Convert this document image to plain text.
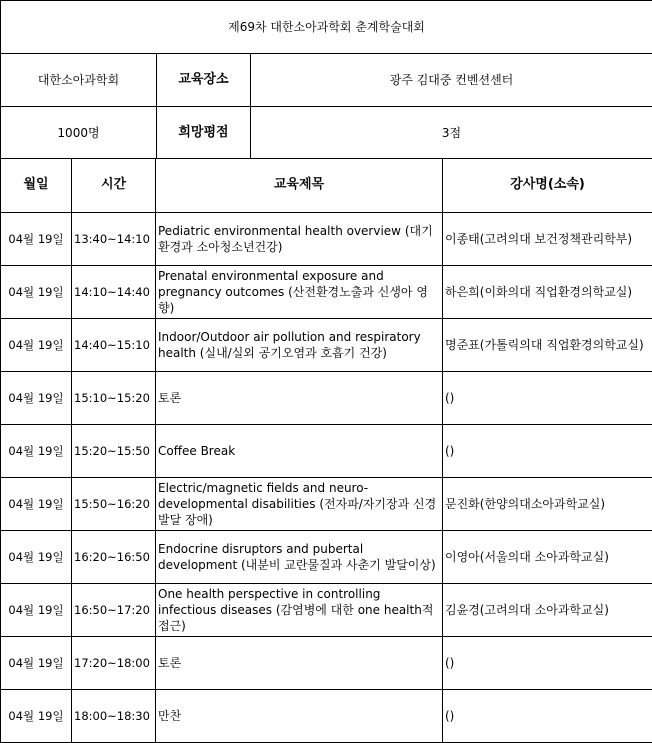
제69차 대한소아과학회 춘계학술대회		
대한소아과학회	교육장소	광주 김대중 컨벤션센터
1000명	희망평점	3점
월일	시간	교육제목	강사명(소속)
04월 19일	13:40~14:10	Pediatric environmental health overview (대기환경과 소아청소년건강)	이종태(고려의대 보건정책관리학부)
04월 19일	14:10~14:40	Prenatal environmental exposure and pregnancy outcomes (산전환경노출과 신생아 영향)	하은희(이화의대 직업환경의학교실)
04월 19일	14:40~15:10	Indoor/Outdoor air pollution and respiratory health (실내/실외 공기오염과 호흡기 건강)	명준표(가톨릭의대 직업환경의학교실)
04월 19일	15:10~15:20	토론	()
04월 19일	15:20~15:50	Coffee Break	()
04월 19일	15:50~16:20	Electric/magnetic fields and neuro-developmental disabilities (전자파/자기장과 신경발달 장애)	문진화(한양의대소아과학교실)
04월 19일	16:20~16:50	Endocrine disruptors and pubertal development (내분비 교란물질과 사춘기 발달이상)	이영아(서울의대 소아과학교실)
04월 19일	16:50~17:20	One health perspective in controlling infectious diseases (감염병에 대한 one health적 접근)	김윤경(고려의대 소아과학교실)
04월 19일	17:20~18:00	토론	()
04월 19일	18:00~18:30	만찬	()
